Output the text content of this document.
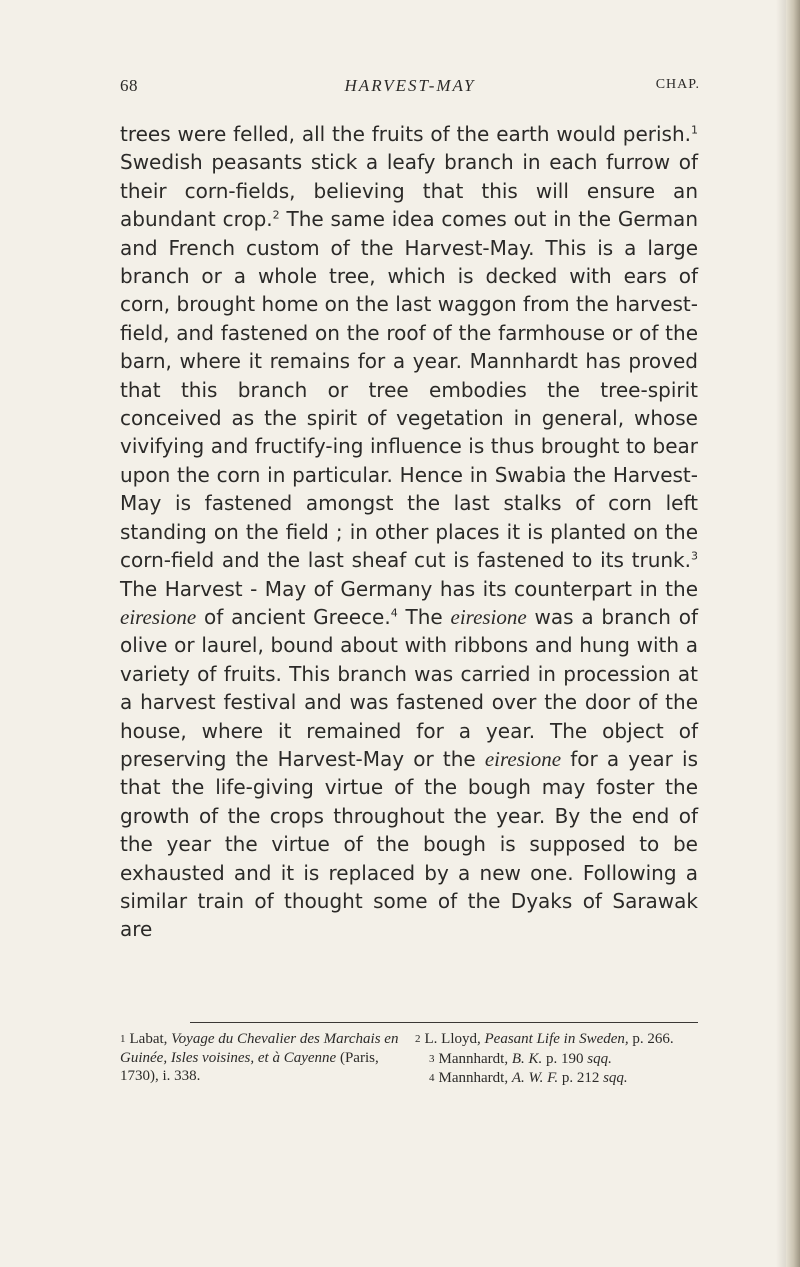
68	HARVEST-MAY	CHAP.

trees were felled, all the fruits of the earth would perish.$^1$ Swedish peasants stick a leafy branch in each furrow of their corn-fields, believing that this will ensure an abundant crop.$^2$ The same idea comes out in the German and French custom of the Harvest-May. This is a large branch or a whole tree, which is decked with ears of corn, brought home on the last waggon from the harvest-field, and fastened on the roof of the farmhouse or of the barn, where it remains for a year. Mannhardt has proved that this branch or tree embodies the tree-spirit conceived as the spirit of vegetation in general, whose vivifying and fructify-ing influence is thus brought to bear upon the corn in particular. Hence in Swabia the Harvest-May is fastened amongst the last stalks of corn left standing on the field ; in other places it is planted on the corn-field and the last sheaf cut is fastened to its trunk.$^3$ The Harvest - May of Germany has its counterpart in the eiresione of ancient Greece.$^4$ The eiresione was a branch of olive or laurel, bound about with ribbons and hung with a variety of fruits. This branch was carried in procession at a harvest festival and was fastened over the door of the house, where it remained for a year. The object of preserving the Harvest-May or the eiresione for a year is that the life-giving virtue of the bough may foster the growth of the crops throughout the year. By the end of the year the virtue of the bough is supposed to be exhausted and it is replaced by a new one. Following a similar train of thought some of the Dyaks of Sarawak are

1 Labat, Voyage du Chevalier des Marchais en Guinée, Isles voisines, et à Cayenne (Paris, 1730), i. 338.

2 L. Lloyd, Peasant Life in Sweden, p. 266.

3 Mannhardt, B. K. p. 190 sqq.

4 Mannhardt, A. W. F. p. 212 sqq.
